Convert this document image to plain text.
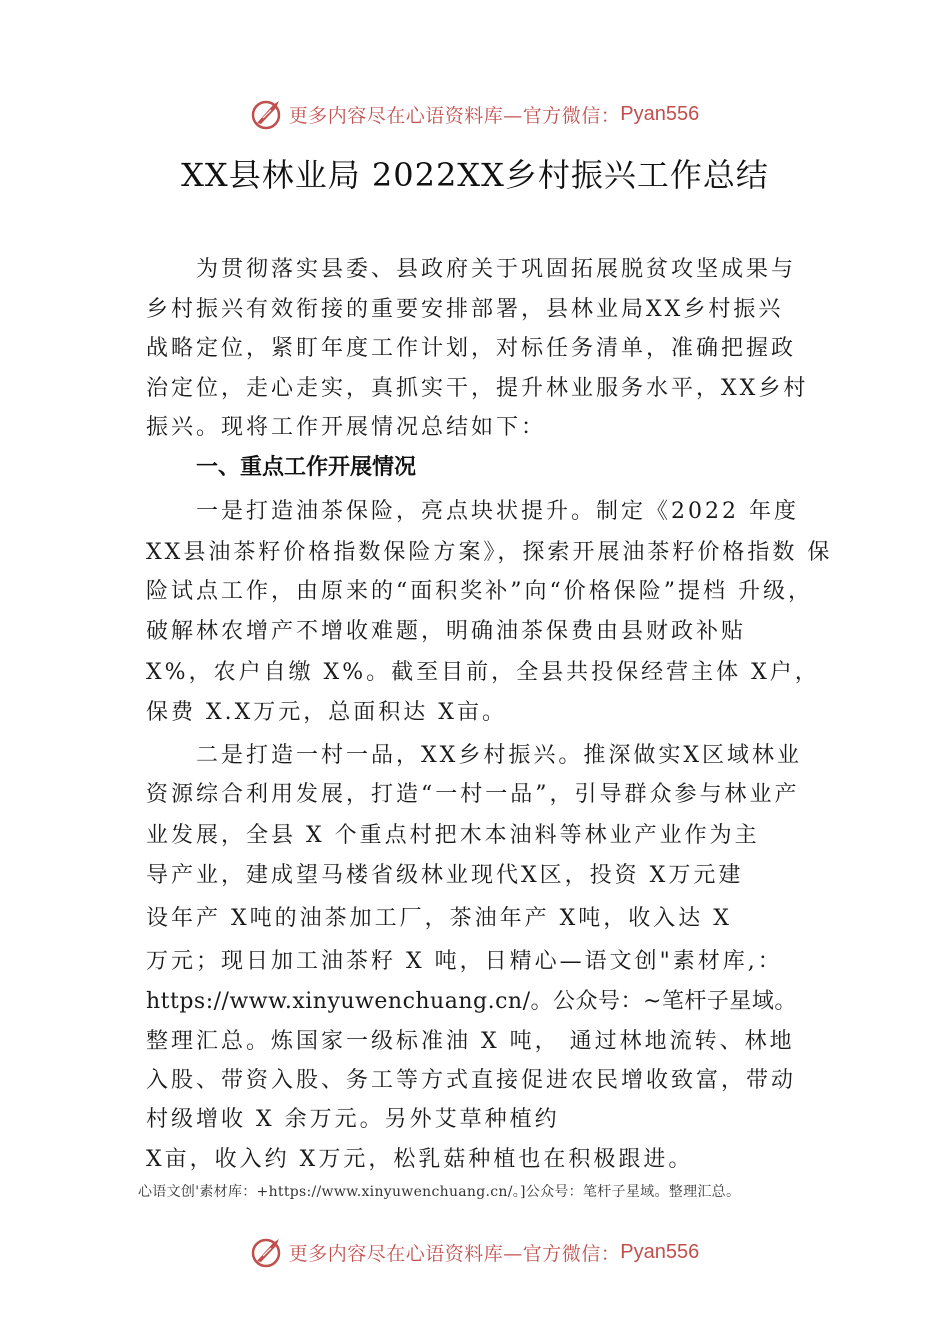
更多内容尽在心语资料库—官方微信： Pyan556
XX县林业局 2022XX乡村振兴工作总结
为贯彻落实县委、县政府关于巩固拓展脱贫攻坚成果与
乡村振兴有效衔接的重要安排部署，县林业局XX乡村振兴
战略定位，紧盯年度工作计划，对标任务清单，准确把握政
治定位，走心走实，真抓实干，提升林业服务水平，XX乡村
振兴。现将工作开展情况总结如下：
一、重点工作开展情况
一是打造油茶保险，亮点块状提升。制定《2022 年度
XX县油茶籽价格指数保险方案》，探索开展油茶籽价格指数 保
险试点工作，由原来的“面积奖补”向“价格保险”提档 升级，
破解林农增产不增收难题，明确油茶保费由县财政补贴
X%，农户自缴 X%。截至目前，全县共投保经营主体 X户，
保费 X.X万元，总面积达 X亩。
二是打造一村一品，XX乡村振兴。推深做实X区域林业
资源综合利用发展，打造“一村一品”，引导群众参与林业产
业发展，全县 X 个重点村把木本油料等林业产业作为主
导产业，建成望马楼省级林业现代X区，投资 X万元建
设年产 X吨的油茶加工厂，茶油年产 X吨，收入达 X
万元；现日加工油茶籽 X 吨，日精心—语文创"素材库,：
https://www.xinyuwenchuang.cn/。公众号：~笔杆子星域。
整理汇总。炼国家一级标准油 X 吨， 通过林地流转、林地
入股、带资入股、务工等方式直接促进农民增收致富，带动
村级增收 X 余万元。另外艾草种植约
X亩，收入约 X万元，松乳菇种植也在积极跟进。
心语文创'素材库：+https://www.xinyuwenchuang.cn/。]公众号：笔杆子星域。整理汇总。
更多内容尽在心语资料库—官方微信： Pyan556
